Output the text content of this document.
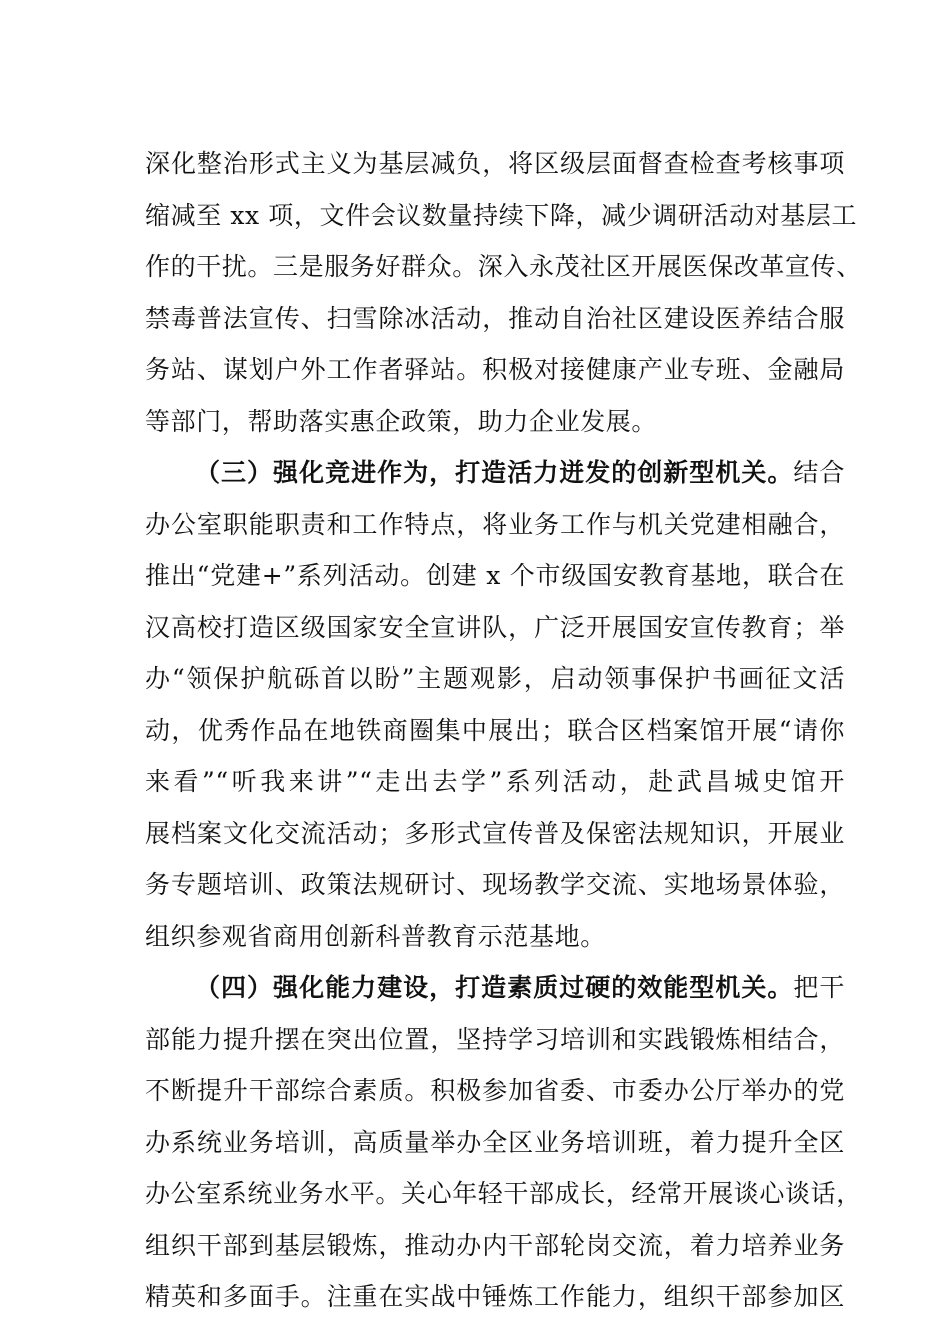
深化整治形式主义为基层减负，将区级层面督查检查考核事项
缩减至 xx 项，文件会议数量持续下降，减少调研活动对基层工
作的干扰。三是服务好群众。深入永茂社区开展医保改革宣传、
禁毒普法宣传、扫雪除冰活动，推动自治社区建设医养结合服
务站、谋划户外工作者驿站。积极对接健康产业专班、金融局
等部门，帮助落实惠企政策，助力企业发展。
（三）强化竞进作为，打造活力迸发的创新型机关。结合
办公室职能职责和工作特点，将业务工作与机关党建相融合，
推出“党建+”系列活动。创建 x 个市级国安教育基地，联合在
汉高校打造区级国家安全宣讲队，广泛开展国安宣传教育；举
办“领保护航砾首以盼”主题观影，启动领事保护书画征文活
动，优秀作品在地铁商圈集中展出；联合区档案馆开展“请你
来看”“听我来讲”“走出去学”系列活动，赴武昌城史馆开
展档案文化交流活动；多形式宣传普及保密法规知识，开展业
务专题培训、政策法规研讨、现场教学交流、实地场景体验，
组织参观省商用创新科普教育示范基地。
（四）强化能力建设，打造素质过硬的效能型机关。把干
部能力提升摆在突出位置，坚持学习培训和实践锻炼相结合，
不断提升干部综合素质。积极参加省委、市委办公厅举办的党
办系统业务培训，高质量举办全区业务培训班，着力提升全区
办公室系统业务水平。关心年轻干部成长，经常开展谈心谈话，
组织干部到基层锻炼，推动办内干部轮岗交流，着力培养业务
精英和多面手。注重在实战中锤炼工作能力，组织干部参加区
